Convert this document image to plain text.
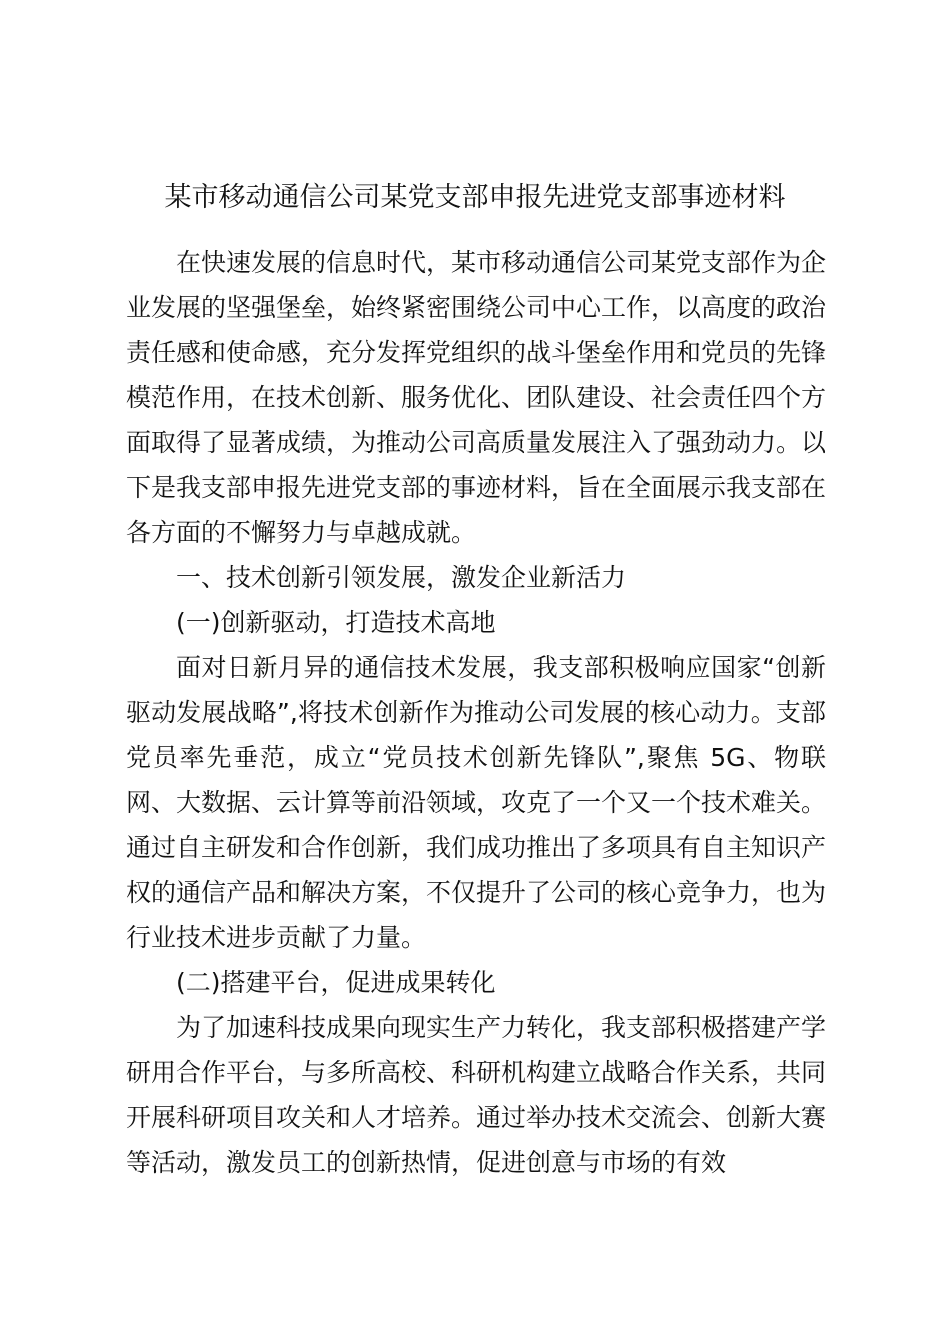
某市移动通信公司某党支部申报先进党支部事迹材料

在快速发展的信息时代，某市移动通信公司某党支部作为企业发展的坚强堡垒，始终紧密围绕公司中心工作，以高度的政治责任感和使命感，充分发挥党组织的战斗堡垒作用和党员的先锋模范作用，在技术创新、服务优化、团队建设、社会责任四个方面取得了显著成绩，为推动公司高质量发展注入了强劲动力。以下是我支部申报先进党支部的事迹材料，旨在全面展示我支部在各方面的不懈努力与卓越成就。

一、技术创新引领发展，激发企业新活力

(一)创新驱动，打造技术高地

面对日新月异的通信技术发展，我支部积极响应国家“创新驱动发展战略”,将技术创新作为推动公司发展的核心动力。支部党员率先垂范，成立“党员技术创新先锋队”,聚焦 5G、物联网、大数据、云计算等前沿领域，攻克了一个又一个技术难关。通过自主研发和合作创新，我们成功推出了多项具有自主知识产权的通信产品和解决方案，不仅提升了公司的核心竞争力，也为行业技术进步贡献了力量。

(二)搭建平台，促进成果转化

为了加速科技成果向现实生产力转化，我支部积极搭建产学研用合作平台，与多所高校、科研机构建立战略合作关系，共同开展科研项目攻关和人才培养。通过举办技术交流会、创新大赛等活动，激发员工的创新热情，促进创意与市场的有效
